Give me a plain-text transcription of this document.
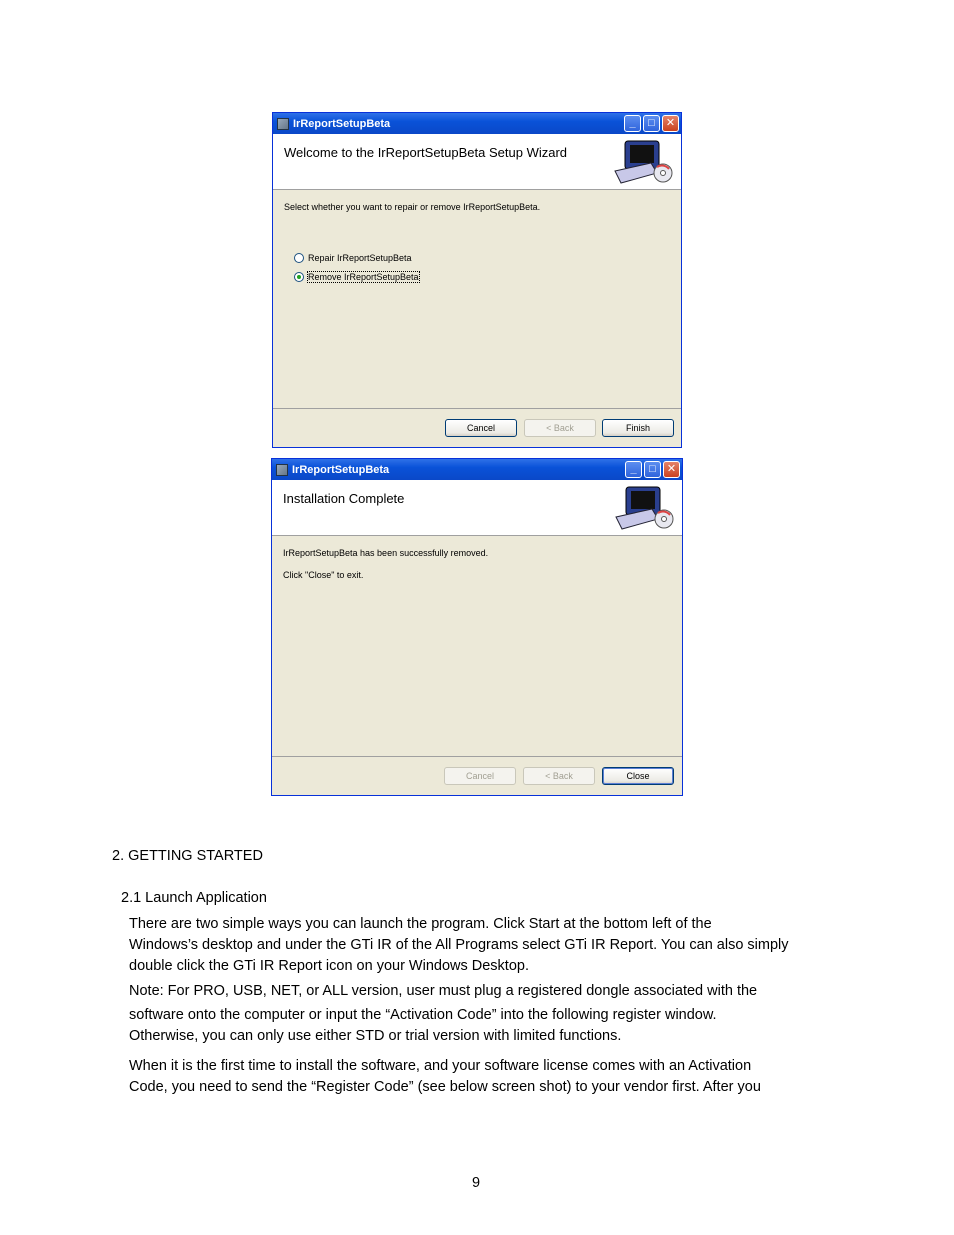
IrReportSetupBeta	_	□	✕
Welcome to the IrReportSetupBeta Setup Wizard
Select whether you want to repair or remove IrReportSetupBeta.
Repair IrReportSetupBeta
Remove IrReportSetupBeta
Cancel	< Back	Finish
IrReportSetupBeta	_	□	✕
Installation Complete
IrReportSetupBeta has been successfully removed.
Click "Close" to exit.
Cancel	< Back	Close
2. GETTING STARTED
2.1 Launch Application
There are two simple ways you can launch the program. Click Start at the bottom left of the
Windows’s desktop and under the GTi IR of the All Programs select GTi IR Report. You can also simply
double click the GTi IR Report icon on your Windows Desktop.
Note: For PRO, USB, NET, or ALL version, user must plug a registered dongle associated with the
software onto the computer or input the “Activation Code” into the following register window.
Otherwise, you can only use either STD or trial version with limited functions.
When it is the first time to install the software, and your software license comes with an Activation
Code, you need to send the “Register Code” (see below screen shot) to your vendor first. After you
9
